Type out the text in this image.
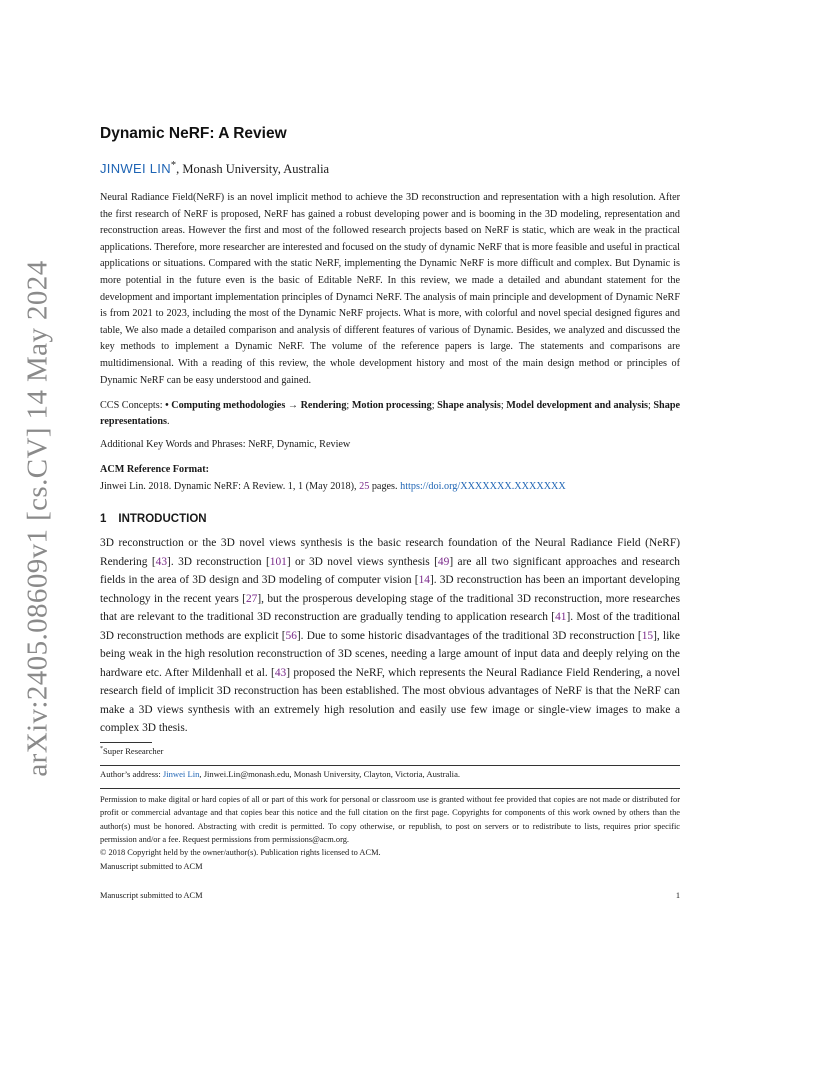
arXiv:2405.08609v1 [cs.CV] 14 May 2024
Dynamic NeRF: A Review
JINWEI LIN*, Monash University, Australia

Neural Radiance Field(NeRF) is an novel implicit method to achieve the 3D reconstruction and representation with a high resolution. After the first research of NeRF is proposed, NeRF has gained a robust developing power and is booming in the 3D modeling, representation and reconstruction areas. However the first and most of the followed research projects based on NeRF is static, which are weak in the practical applications. Therefore, more researcher are interested and focused on the study of dynamic NeRF that is more feasible and useful in practical applications or situations. Compared with the static NeRF, implementing the Dynamic NeRF is more difficult and complex. But Dynamic is more potential in the future even is the basic of Editable NeRF. In this review, we made a detailed and abundant statement for the development and important implementation principles of Dynamci NeRF. The analysis of main principle and development of Dynamic NeRF is from 2021 to 2023, including the most of the Dynamic NeRF projects. What is more, with colorful and novel special designed figures and table, We also made a detailed comparison and analysis of different features of various of Dynamic. Besides, we analyzed and discussed the key methods to implement a Dynamic NeRF. The volume of the reference papers is large. The statements and comparisons are multidimensional. With a reading of this review, the whole development history and most of the main design method or principles of Dynamic NeRF can be easy understood and gained.

CCS Concepts: • Computing methodologies → Rendering; Motion processing; Shape analysis; Model development and analysis; Shape representations.

Additional Key Words and Phrases: NeRF, Dynamic, Review

ACM Reference Format:

Jinwei Lin. 2018. Dynamic NeRF: A Review. 1, 1 (May 2018), 25 pages. https://doi.org/XXXXXXX.XXXXXXX

1 INTRODUCTION

3D reconstruction or the 3D novel views synthesis is the basic research foundation of the Neural Radiance Field (NeRF) Rendering [43]. 3D reconstruction [101] or 3D novel views synthesis [49] are all two significant approaches and research fields in the area of 3D design and 3D modeling of computer vision [14]. 3D reconstruction has been an important developing technology in the recent years [27], but the prosperous developing stage of the traditional 3D reconstruction, more researches that are relevant to the traditional 3D reconstruction are gradually tending to application research [41]. Most of the traditional 3D reconstruction methods are explicit [56]. Due to some historic disadvantages of the traditional 3D reconstruction [15], like being weak in the high resolution reconstruction of 3D scenes, needing a large amount of input data and deeply relying on the hardware etc. After Mildenhall et al. [43] proposed the NeRF, which represents the Neural Radiance Field Rendering, a novel research field of implicit 3D reconstruction has been established. The most obvious advantages of NeRF is that the NeRF can make a 3D views synthesis with an extremely high resolution and easily use few image or single-view images to make a complex 3D thesis.

*Super Researcher

Author’s address: Jinwei Lin, Jinwei.Lin@monash.edu, Monash University, Clayton, Victoria, Australia.

Permission to make digital or hard copies of all or part of this work for personal or classroom use is granted without fee provided that copies are not made or distributed for profit or commercial advantage and that copies bear this notice and the full citation on the first page. Copyrights for components of this work owned by others than the author(s) must be honored. Abstracting with credit is permitted. To copy otherwise, or republish, to post on servers or to redistribute to lists, requires prior specific permission and/or a fee. Request permissions from permissions@acm.org.

© 2018 Copyright held by the owner/author(s). Publication rights licensed to ACM.

Manuscript submitted to ACM

Manuscript submitted to ACM	1
